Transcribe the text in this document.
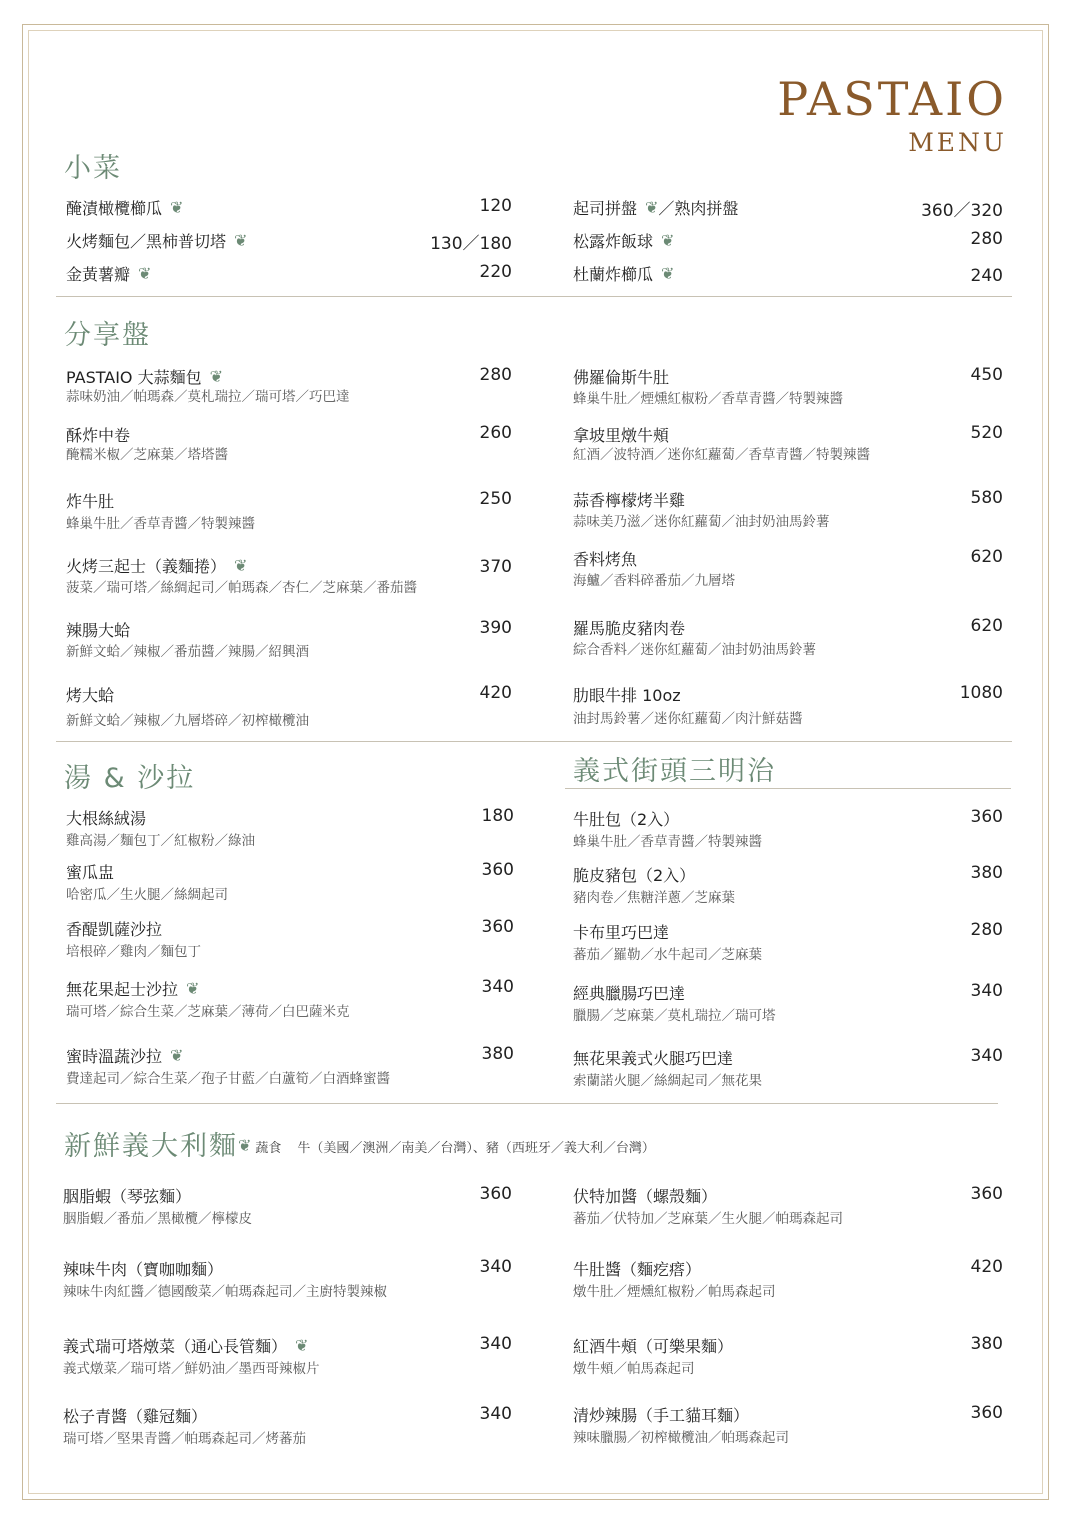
PASTAIO
MENU
小菜
醃漬橄欖櫛瓜 ❦	120
火烤麵包／黑柿普切塔 ❦	130／180
金黃薯瓣 ❦	220
起司拼盤 ❦／熟肉拼盤	360／320
松露炸飯球 ❦	280
杜蘭炸櫛瓜 ❦	240
分享盤
PASTAIO 大蒜麵包 ❦	280
蒜味奶油／帕瑪森／莫札瑞拉／瑞可塔／巧巴達
酥炸中卷	260
醃糯米椒／芝麻葉／塔塔醬
炸牛肚	250
蜂巢牛肚／香草青醬／特製辣醬
火烤三起士（義麵捲） ❦	370
菠菜／瑞可塔／絲綢起司／帕瑪森／杏仁／芝麻葉／番茄醬
辣腸大蛤	390
新鮮文蛤／辣椒／番茄醬／辣腸／紹興酒
烤大蛤	420
新鮮文蛤／辣椒／九層塔碎／初榨橄欖油
佛羅倫斯牛肚	450
蜂巢牛肚／煙燻紅椒粉／香草青醬／特製辣醬
拿坡里燉牛頰	520
紅酒／波特酒／迷你紅蘿蔔／香草青醬／特製辣醬
蒜香檸檬烤半雞	580
蒜味美乃滋／迷你紅蘿蔔／油封奶油馬鈴薯
香料烤魚	620
海鱸／香料碎番茄／九層塔
羅馬脆皮豬肉卷	620
綜合香料／迷你紅蘿蔔／油封奶油馬鈴薯
肋眼牛排 10oz	1080
油封馬鈴薯／迷你紅蘿蔔／肉汁鮮菇醬
湯 & 沙拉
大根絲絨湯	180
雞高湯／麵包丁／紅椒粉／綠油
蜜瓜盅	360
哈密瓜／生火腿／絲綢起司
香醍凱薩沙拉	360
培根碎／雞肉／麵包丁
無花果起士沙拉 ❦	340
瑞可塔／綜合生菜／芝麻葉／薄荷／白巴薩米克
蜜時溫蔬沙拉 ❦	380
費達起司／綜合生菜／孢子甘藍／白蘆筍／白酒蜂蜜醬
義式街頭三明治
牛肚包（2入）	360
蜂巢牛肚／香草青醬／特製辣醬
脆皮豬包（2入）	380
豬肉卷／焦糖洋蔥／芝麻葉
卡布里巧巴達	280
蕃茄／羅勒／水牛起司／芝麻葉
經典臘腸巧巴達	340
臘腸／芝麻葉／莫札瑞拉／瑞可塔
無花果義式火腿巧巴達	340
索蘭諾火腿／絲綢起司／無花果
新鮮義大利麵 ❦ 蔬食 牛（美國／澳洲／南美／台灣）、豬（西班牙／義大利／台灣）
胭脂蝦（琴弦麵）	360
胭脂蝦／番茄／黑橄欖／檸檬皮
辣味牛肉（寶咖咖麵）	340
辣味牛肉紅醬／德國酸菜／帕瑪森起司／主廚特製辣椒
義式瑞可塔燉菜（通心長管麵） ❦	340
義式燉菜／瑞可塔／鮮奶油／墨西哥辣椒片
松子青醬（雞冠麵）	340
瑞可塔／堅果青醬／帕瑪森起司／烤蕃茄
伏特加醬（螺殼麵）	360
蕃茄／伏特加／芝麻葉／生火腿／帕瑪森起司
牛肚醬（麵疙瘩）	420
燉牛肚／煙燻紅椒粉／帕馬森起司
紅酒牛頰（可樂果麵）	380
燉牛頰／帕馬森起司
清炒辣腸（手工貓耳麵）	360
辣味臘腸／初榨橄欖油／帕瑪森起司
